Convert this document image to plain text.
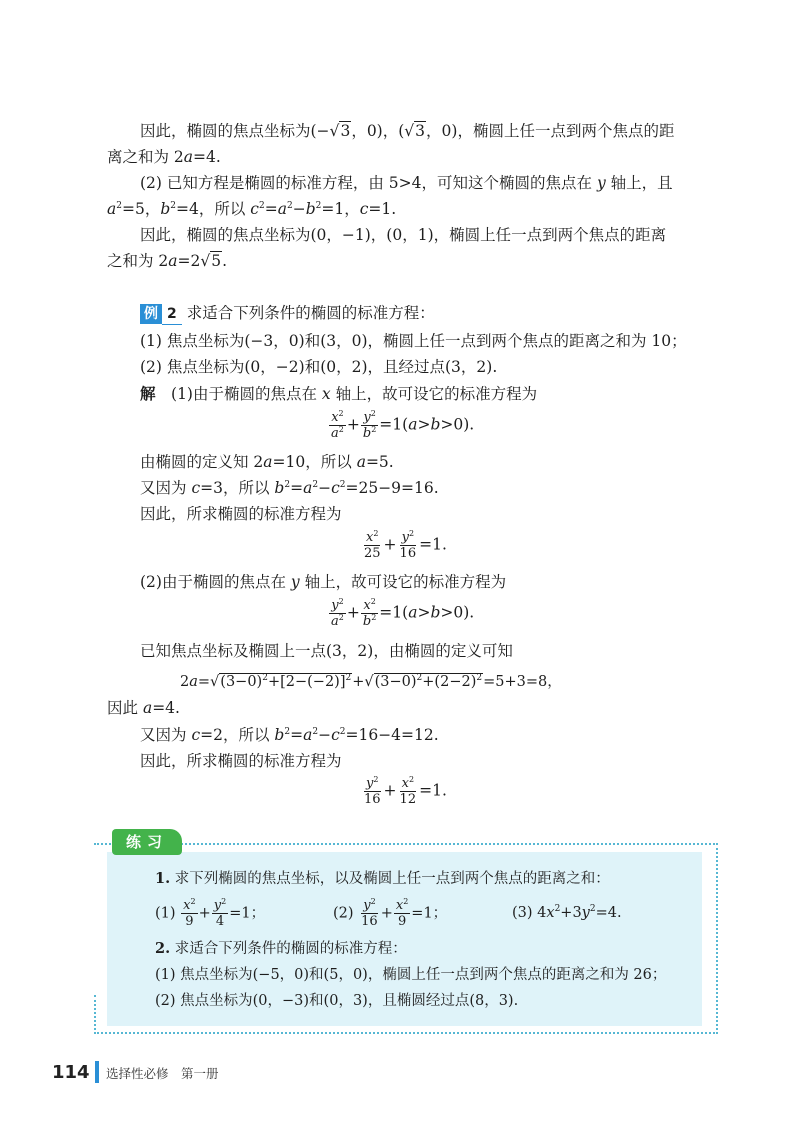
因此，椭圆的焦点坐标为(−√3，0)，(√3，0)，椭圆上任一点到两个焦点的距
离之和为 2a=4.
(2) 已知方程是椭圆的标准方程，由 5>4，可知这个椭圆的焦点在 y 轴上，且
$a^2=5$，$b^2=4$，所以 $c^2=a^2-b^2=1$，c=1.
因此，椭圆的焦点坐标为(0，−1)，(0，1)，椭圆上任一点到两个焦点的距离
之和为 2a=2√5.
例 2 求适合下列条件的椭圆的标准方程：
(1) 焦点坐标为(−3，0)和(3，0)，椭圆上任一点到两个焦点的距离之和为 10；
(2) 焦点坐标为(0，−2)和(0，2)，且经过点(3，2).
解　(1)由于椭圆的焦点在 x 轴上，故可设它的标准方程为
$\frac{x^2}{a^2} + \frac{y^2}{b^2} =1(a>b>0)$.
由椭圆的定义知 2a=10，所以 a=5.
又因为 c=3，所以 $b^2=a^2-c^2=25-9=16$.
因此，所求椭圆的标准方程为
$\frac{x^2}{25} + \frac{y^2}{16} =1$.
(2)由于椭圆的焦点在 y 轴上，故可设它的标准方程为
$\frac{y^2}{a^2} + \frac{x^2}{b^2} =1(a>b>0)$.
已知焦点坐标及椭圆上一点(3，2)，由椭圆的定义可知
$2a=√(3-0)^2+[2-(-2)]^2+√(3-0)^2+(2-2)^2=5+3=8$，
因此 a=4.
又因为 c=2，所以 $b^2=a^2-c^2=16-4=12$.
因此，所求椭圆的标准方程为
$\frac{y^2}{16} + \frac{x^2}{12} =1$.
练习
1. 求下列椭圆的焦点坐标，以及椭圆上任一点到两个焦点的距离之和：
$(1) \frac{x^2}{9} + \frac{y^2}{4} =1$；	$(2) \frac{y^2}{16} + \frac{x^2}{9} =1$；	(3) $4x^2+3y^2=4$.
2. 求适合下列条件的椭圆的标准方程：
(1) 焦点坐标为(−5，0)和(5，0)，椭圆上任一点到两个焦点的距离之和为 26；
(2) 焦点坐标为(0，−3)和(0，3)，且椭圆经过点(8，3).
114 选择性必修　第一册
